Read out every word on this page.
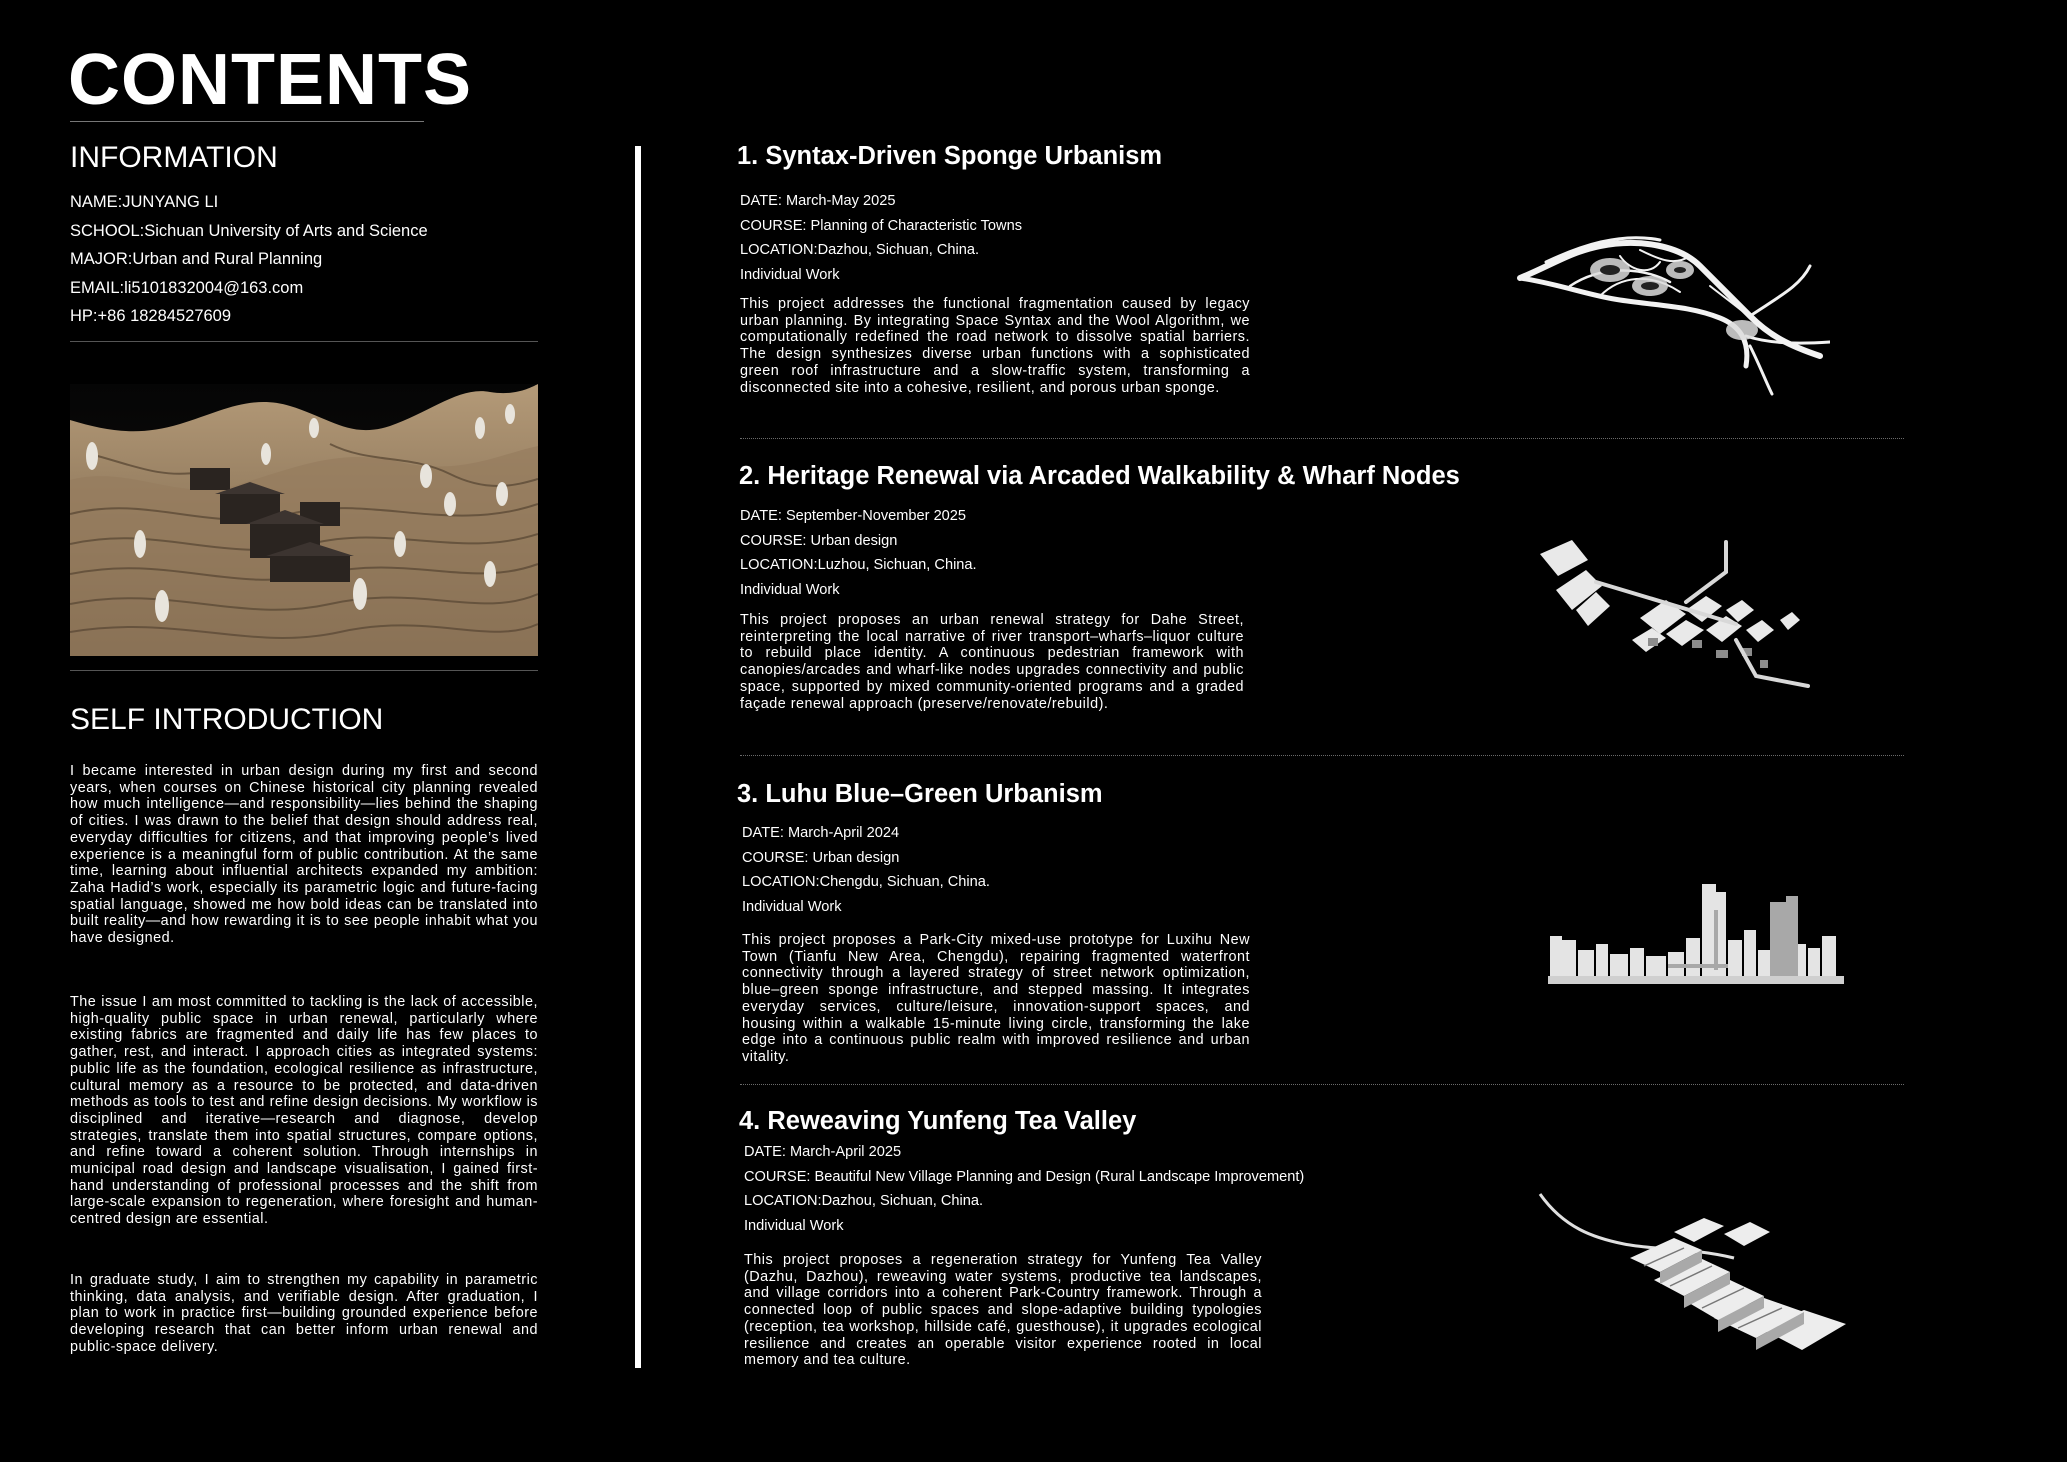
CONTENTS
INFORMATION
NAME:JUNYANG LI
SCHOOL:Sichuan University of Arts and Science
MAJOR:Urban and Rural Planning
EMAIL:li5101832004@163.com
HP:+86 18284527609
SELF INTRODUCTION

I became interested in urban design during my first and second years, when courses on Chinese historical city planning revealed how much intelligence—and responsibility—lies behind the shaping of cities. I was drawn to the belief that design should address real, everyday difficulties for citizens, and that improving people’s lived experience is a meaningful form of public contribution. At the same time, learning about influential architects expanded my ambition: Zaha Hadid’s work, especially its parametric logic and future-facing spatial language, showed me how bold ideas can be translated into built reality—and how rewarding it is to see people inhabit what you have designed.

The issue I am most committed to tackling is the lack of accessible, high-quality public space in urban renewal, particularly where existing fabrics are fragmented and daily life has few places to gather, rest, and interact. I approach cities as integrated systems: public life as the foundation, ecological resilience as infrastructure, cultural memory as a resource to be protected, and data-driven methods as tools to test and refine design decisions. My workflow is disciplined and iterative—research and diagnose, develop strategies, translate them into spatial structures, compare options, and refine toward a coherent solution. Through internships in municipal road design and landscape visualisation, I gained first-hand understanding of professional processes and the shift from large-scale expansion to regeneration, where foresight and human-centred design are essential.

In graduate study, I aim to strengthen my capability in parametric thinking, data analysis, and verifiable design. After graduation, I plan to work in practice first—building grounded experience before developing research that can better inform urban renewal and public-space delivery.

1. Syntax-Driven Sponge Urbanism
DATE: March-May 2025
COURSE: Planning of Characteristic Towns
LOCATION:Dazhou, Sichuan, China.
Individual Work

This project addresses the functional fragmentation caused by legacy urban planning. By integrating Space Syntax and the Wool Algorithm, we computationally redefined the road network to dissolve spatial barriers. The design synthesizes diverse urban functions with a sophisticated green roof infrastructure and a slow-traffic system, transforming a disconnected site into a cohesive, resilient, and porous urban sponge.

2. Heritage Renewal via Arcaded Walkability & Wharf Nodes
DATE: September-November 2025
COURSE: Urban design
LOCATION:Luzhou, Sichuan, China.
Individual Work

This project proposes an urban renewal strategy for Dahe Street, reinterpreting the local narrative of river transport–wharfs–liquor culture to rebuild place identity. A continuous pedestrian framework with canopies/arcades and wharf-like nodes upgrades connectivity and public space, supported by mixed community-oriented programs and a graded façade renewal approach (preserve/renovate/rebuild).

3. Luhu Blue–Green Urbanism
DATE: March-April 2024
COURSE: Urban design
LOCATION:Chengdu, Sichuan, China.
Individual Work

This project proposes a Park-City mixed-use prototype for Luxihu New Town (Tianfu New Area, Chengdu), repairing fragmented waterfront connectivity through a layered strategy of street network optimization, blue–green sponge infrastructure, and stepped massing. It integrates everyday services, culture/leisure, innovation-support spaces, and housing within a walkable 15-minute living circle, transforming the lake edge into a continuous public realm with improved resilience and urban vitality.

4. Reweaving Yunfeng Tea Valley
DATE: March-April 2025
COURSE: Beautiful New Village Planning and Design (Rural Landscape Improvement)
LOCATION:Dazhou, Sichuan, China.
Individual Work

This project proposes a regeneration strategy for Yunfeng Tea Valley (Dazhu, Dazhou), reweaving water systems, productive tea landscapes, and village corridors into a coherent Park-Country framework. Through a connected loop of public spaces and slope-adaptive building typologies (reception, tea workshop, hillside café, guesthouse), it upgrades ecological resilience and creates an operable visitor experience rooted in local memory and tea culture.
